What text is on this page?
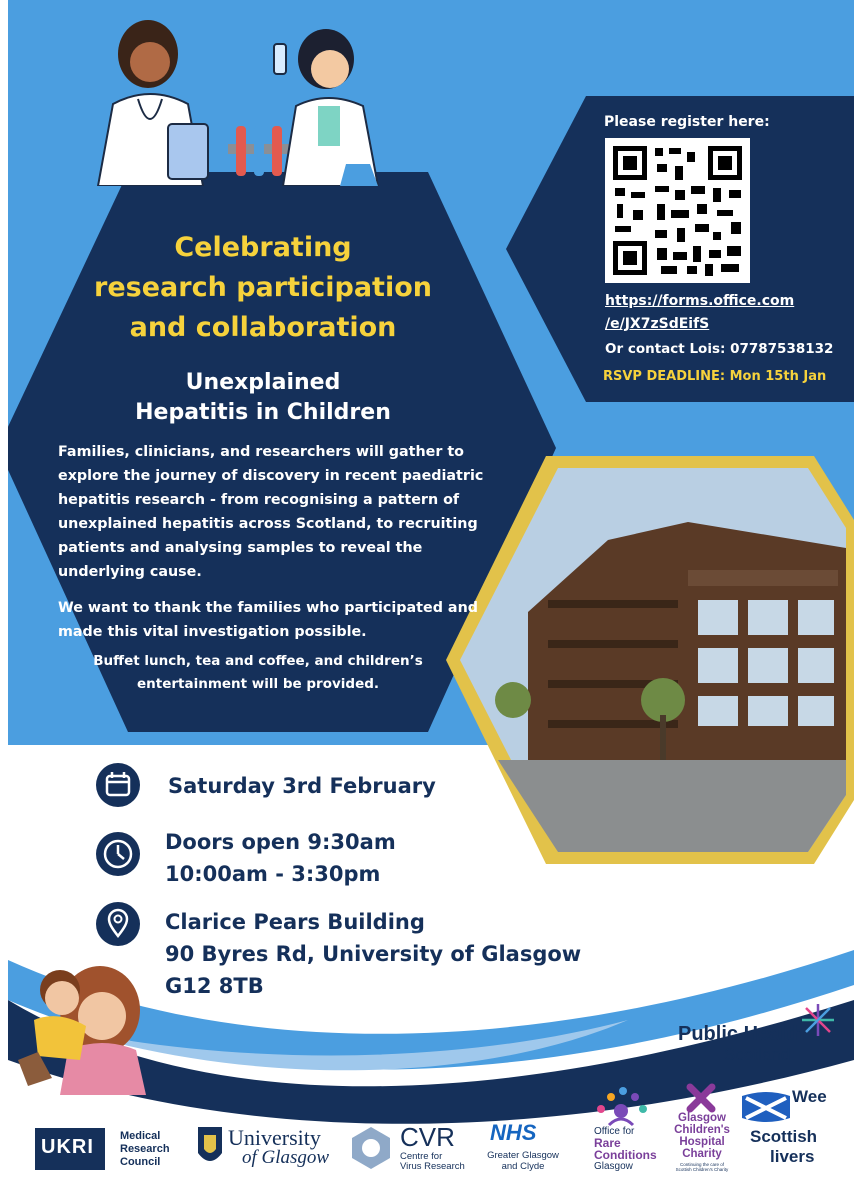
Celebrating
research participation
and collaboration
Unexplained
Hepatitis in Children
Families, clinicians, and researchers will gather to
explore the journey of discovery in recent paediatric
hepatitis research - from recognising a pattern of
unexplained hepatitis across Scotland, to recruiting
patients and analysing samples to reveal the
underlying cause.
We want to thank the families who participated and
made this vital investigation possible.
Buffet lunch, tea and coffee, and children’s
entertainment will be provided.
Please register here:
https://forms.office.com
/e/JX7zSdEifS
Or contact Lois: 07787538132
RSVP DEADLINE: Mon 15th Jan
Saturday 3rd February
Doors open 9:30am
10:00am - 3:30pm
Clarice Pears Building
90 Byres Rd, University of Glasgow
G12 8TB
Public Health
Scotland
UKRI Medical
Research
Council
University
of Glasgow
CVR
Centre for
Virus Research
NHS
Greater Glasgow
and Clyde
Office for
Rare
Conditions
Glasgow
Glasgow
Children's
Hospital
Charity
Continuing the care of
Scottish Children's Charity
Wee
Scottish
livers
